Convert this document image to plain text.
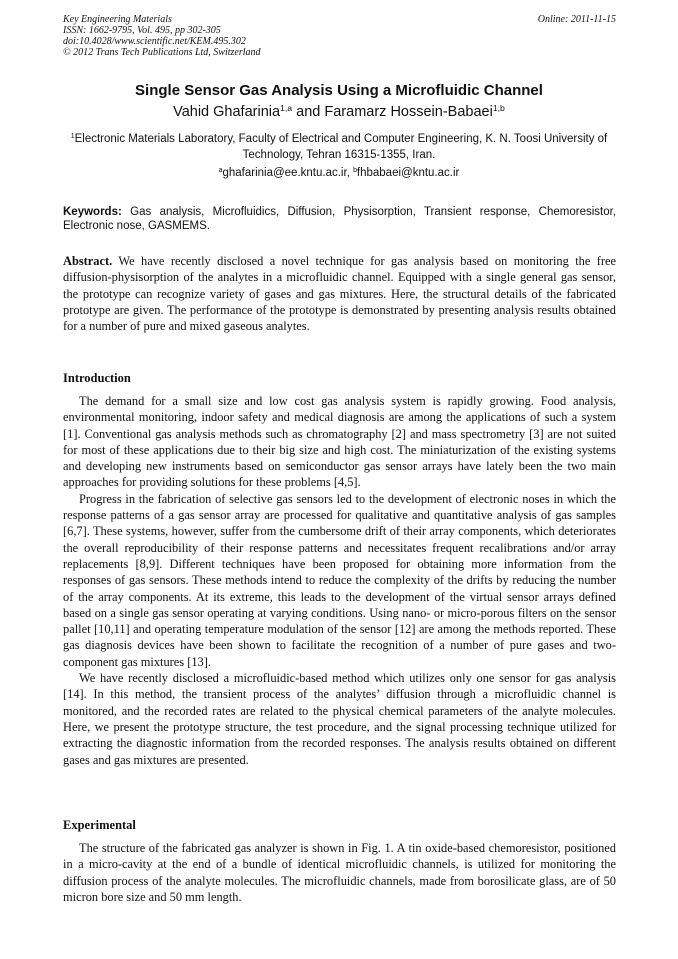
Key Engineering Materials
ISSN: 1662-9795, Vol. 495, pp 302-305
doi:10.4028/www.scientific.net/KEM.495.302
© 2012 Trans Tech Publications Ltd, Switzerland
Online: 2011-11-15
Single Sensor Gas Analysis Using a Microfluidic Channel
Vahid Ghafarinia$^{1,a}$ and Faramarz Hossein-Babaei$^{1,b}$
$^1$Electronic Materials Laboratory, Faculty of Electrical and Computer Engineering, K. N. Toosi University of Technology, Tehran 16315-1355, Iran.
$^a$ghafarinia@ee.kntu.ac.ir, $^b$fhbabaei@kntu.ac.ir
Keywords: Gas analysis, Microfluidics, Diffusion, Physisorption, Transient response, Chemoresistor, Electronic nose, GASMEMS.
Abstract. We have recently disclosed a novel technique for gas analysis based on monitoring the free diffusion-physisorption of the analytes in a microfluidic channel. Equipped with a single general gas sensor, the prototype can recognize variety of gases and gas mixtures. Here, the structural details of the fabricated prototype are given. The performance of the prototype is demonstrated by presenting analysis results obtained for a number of pure and mixed gaseous analytes.
Introduction

The demand for a small size and low cost gas analysis system is rapidly growing. Food analysis, environmental monitoring, indoor safety and medical diagnosis are among the applications of such a system [1]. Conventional gas analysis methods such as chromatography [2] and mass spectrometry [3] are not suited for most of these applications due to their big size and high cost. The miniaturization of the existing systems and developing new instruments based on semiconductor gas sensor arrays have lately been the two main approaches for providing solutions for these problems [4,5].

Progress in the fabrication of selective gas sensors led to the development of electronic noses in which the response patterns of a gas sensor array are processed for qualitative and quantitative analysis of gas samples [6,7]. These systems, however, suffer from the cumbersome drift of their array components, which deteriorates the overall reproducibility of their response patterns and necessitates frequent recalibrations and/or array replacements [8,9]. Different techniques have been proposed for obtaining more information from the responses of gas sensors. These methods intend to reduce the complexity of the drifts by reducing the number of the array components. At its extreme, this leads to the development of the virtual sensor arrays defined based on a single gas sensor operating at varying conditions. Using nano- or micro-porous filters on the sensor pallet [10,11] and operating temperature modulation of the sensor [12] are among the methods reported. These gas diagnosis devices have been shown to facilitate the recognition of a number of pure gases and two-component gas mixtures [13].

We have recently disclosed a microfluidic-based method which utilizes only one sensor for gas analysis [14]. In this method, the transient process of the analytes’ diffusion through a microfluidic channel is monitored, and the recorded rates are related to the physical chemical parameters of the analyte molecules. Here, we present the prototype structure, the test procedure, and the signal processing technique utilized for extracting the diagnostic information from the recorded responses. The analysis results obtained on different gases and gas mixtures are presented.

Experimental

The structure of the fabricated gas analyzer is shown in Fig. 1. A tin oxide-based chemoresistor, positioned in a micro-cavity at the end of a bundle of identical microfluidic channels, is utilized for monitoring the diffusion process of the analyte molecules. The microfluidic channels, made from borosilicate glass, are of 50 micron bore size and 50 mm length.
